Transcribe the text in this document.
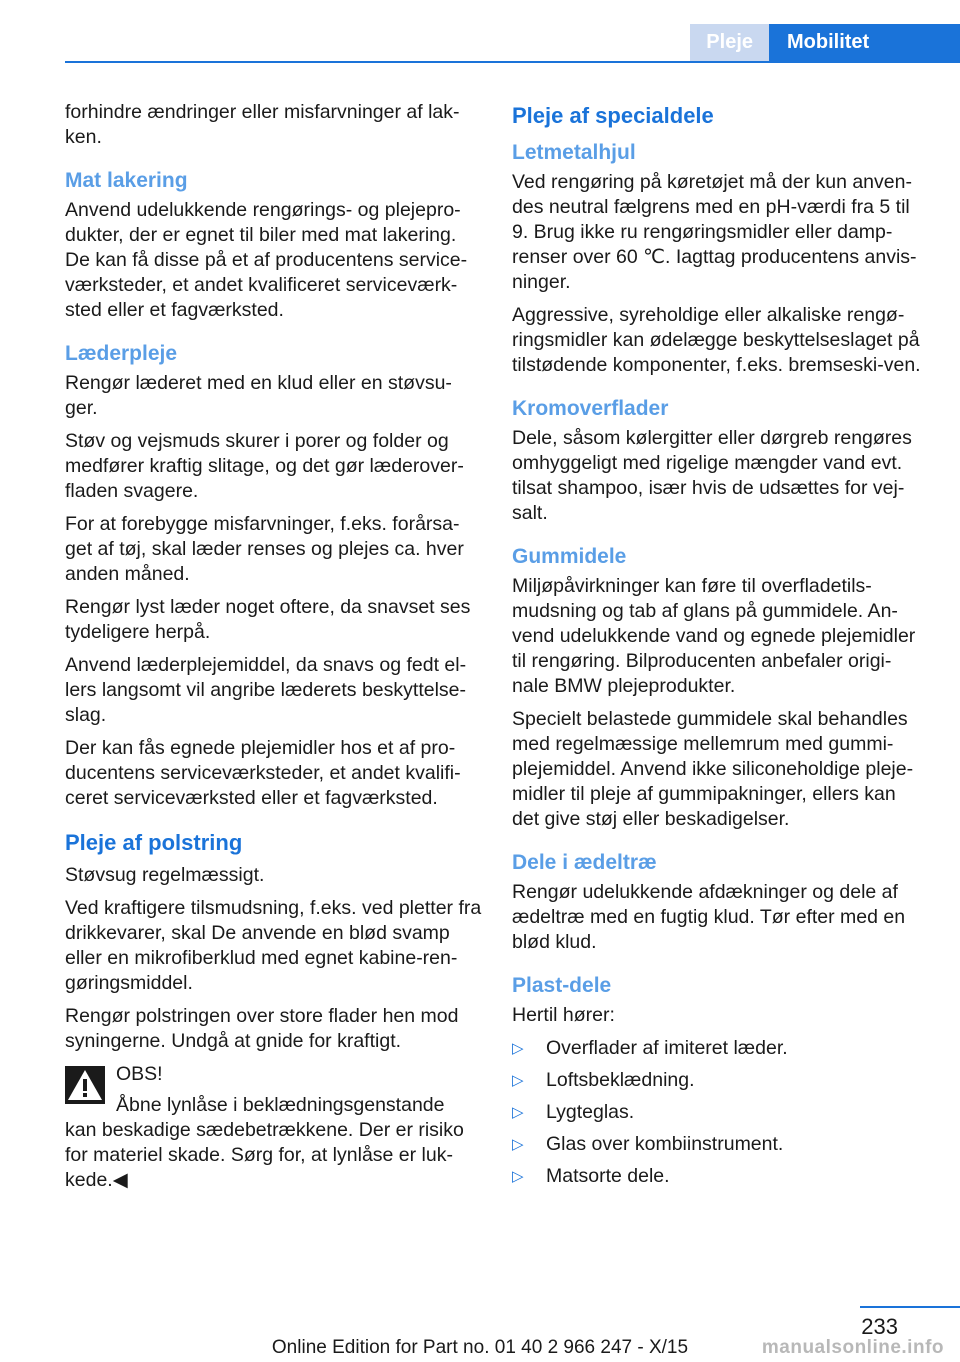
Pleje	Mobilitet

forhindre ændringer eller misfarvninger af lak-ken.

Mat lakering

Anvend udelukkende rengørings- og plejepro-dukter, der er egnet til biler med mat lakering. De kan få disse på et af producentens service-værksteder, et andet kvalificeret serviceværk-sted eller et fagværksted.

Læderpleje

Rengør læderet med en klud eller en støvsu-ger.

Støv og vejsmuds skurer i porer og folder og medfører kraftig slitage, og det gør læderover-fladen svagere.

For at forebygge misfarvninger, f.eks. forårsa-get af tøj, skal læder renses og plejes ca. hver anden måned.

Rengør lyst læder noget oftere, da snavset ses tydeligere herpå.

Anvend læderplejemiddel, da snavs og fedt el-lers langsomt vil angribe læderets beskyttelse-slag.

Der kan fås egnede plejemidler hos et af pro-ducentens serviceværksteder, et andet kvalifi-ceret serviceværksted eller et fagværksted.

Pleje af polstring

Støvsug regelmæssigt.

Ved kraftigere tilsmudsning, f.eks. ved pletter fra drikkevarer, skal De anvende en blød svamp eller en mikrofiberklud med egnet kabine-ren-gøringsmiddel.

Rengør polstringen over store flader hen mod syningerne. Undgå at gnide for kraftigt.

OBS!

Åbne lynlåse i beklædningsgenstande
kan beskadige sædebetrækkene. Der er risiko for materiel skade. Sørg for, at lynlåse er luk-kede.◀

Pleje af specialdele
Letmetalhjul

Ved rengøring på køretøjet må der kun anven-des neutral fælgrens med en pH-værdi fra 5 til 9. Brug ikke ru rengøringsmidler eller damp-renser over 60 ℃. Iagttag producentens anvis-ninger.

Aggressive, syreholdige eller alkaliske rengø-ringsmidler kan ødelægge beskyttelseslaget på tilstødende komponenter, f.eks. bremseski-ven.

Kromoverflader

Dele, såsom kølergitter eller dørgreb rengøres omhyggeligt med rigelige mængder vand evt. tilsat shampoo, især hvis de udsættes for vej-salt.

Gummidele

Miljøpåvirkninger kan føre til overfladetils-mudsning og tab af glans på gummidele. An-vend udelukkende vand og egnede plejemidler til rengøring. Bilproducenten anbefaler origi-nale BMW plejeprodukter.

Specielt belastede gummidele skal behandles med regelmæssige mellemrum med gummi-plejemiddel. Anvend ikke siliconeholdige pleje-midler til pleje af gummipakninger, ellers kan det give støj eller beskadigelser.

Dele i ædeltræ

Rengør udelukkende afdækninger og dele af ædeltræ med en fugtig klud. Tør efter med en blød klud.

Plast-dele

Hertil hører:

▷ Overflader af imiteret læder.
▷ Loftsbeklædning.
▷ Lygteglas.
▷ Glas over kombiinstrument.
▷ Matsorte dele.
233
Online Edition for Part no. 01 40 2 966 247 - X/15	manualsonline.info
